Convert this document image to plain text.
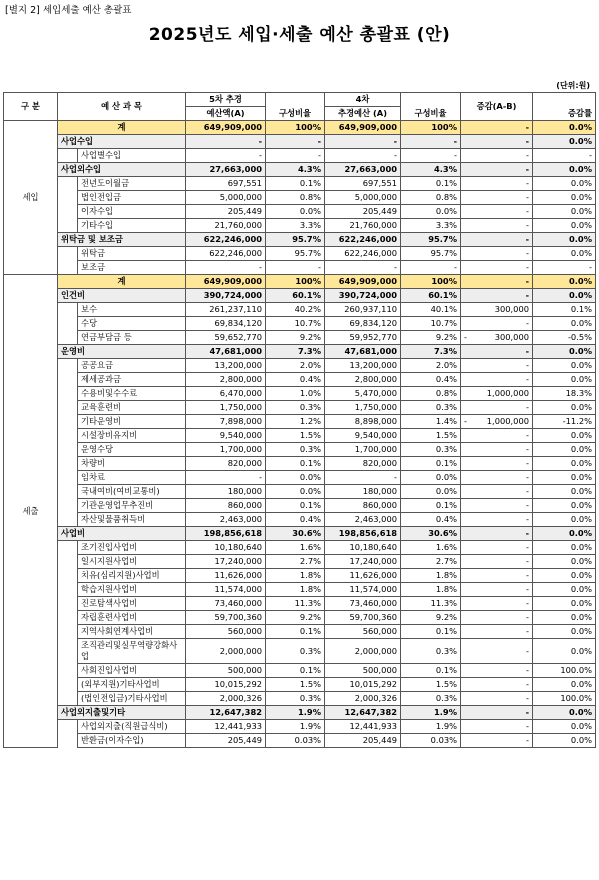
[별지 2] 세입세출 예산 총괄표
2025년도 세입·세출 예산 총괄표 (안)
(단위:원)
구 분	예 산 과 목		5차 추경	구성비율	4차	구성비율	증감(A-B)	증감률
			예산액(A)		추경예산 (A)			
세입	계		649,909,000	100%	649,909,000	100%	-	0.0%
	사업수입		-	-	-	-	-	0.0%
		사업별수입	-	-	-	-	-	-
	사업외수입		27,663,000	4.3%	27,663,000	4.3%	-	0.0%
		전년도이월금	697,551	0.1%	697,551	0.1%	-	0.0%
		법인전입금	5,000,000	0.8%	5,000,000	0.8%	-	0.0%
		이자수입	205,449	0.0%	205,449	0.0%	-	0.0%
		기타수입	21,760,000	3.3%	21,760,000	3.3%	-	0.0%
	위탁금 및 보조금		622,246,000	95.7%	622,246,000	95.7%	-	0.0%
		위탁금	622,246,000	95.7%	622,246,000	95.7%	-	0.0%
		보조금	-	-	-	-	-	-
세출	계		649,909,000	100%	649,909,000	100%	-	0.0%
	인건비		390,724,000	60.1%	390,724,000	60.1%	-	0.0%
		보수	261,237,110	40.2%	260,937,110	40.1%	300,000	0.1%
		수당	69,834,120	10.7%	69,834,120	10.7%	-	0.0%
		연금부담금 등	59,652,770	9.2%	59,952,770	9.2%	- 300,000	-0.5%
	운영비		47,681,000	7.3%	47,681,000	7.3%	-	0.0%
		공공요금	13,200,000	2.0%	13,200,000	2.0%	-	0.0%
		제세공과금	2,800,000	0.4%	2,800,000	0.4%	-	0.0%
		수용비및수수료	6,470,000	1.0%	5,470,000	0.8%	1,000,000	18.3%
		교육훈련비	1,750,000	0.3%	1,750,000	0.3%	-	0.0%
		기타운영비	7,898,000	1.2%	8,898,000	1.4%	- 1,000,000	-11.2%
		시설장비유지비	9,540,000	1.5%	9,540,000	1.5%	-	0.0%
		운영수당	1,700,000	0.3%	1,700,000	0.3%	-	0.0%
		차량비	820,000	0.1%	820,000	0.1%	-	0.0%
		임차료	-	0.0%	-	0.0%	-	0.0%
		국내여비(여비교통비)	180,000	0.0%	180,000	0.0%	-	0.0%
		기관운영업무추진비	860,000	0.1%	860,000	0.1%	-	0.0%
		자산및물품취득비	2,463,000	0.4%	2,463,000	0.4%	-	0.0%
	사업비		198,856,618	30.6%	198,856,618	30.6%	-	0.0%
		조기진입사업비	10,180,640	1.6%	10,180,640	1.6%	-	0.0%
		일시지원사업비	17,240,000	2.7%	17,240,000	2.7%	-	0.0%
		치유(심리지원)사업비	11,626,000	1.8%	11,626,000	1.8%	-	0.0%
		학습지원사업비	11,574,000	1.8%	11,574,000	1.8%	-	0.0%
		진로탐색사업비	73,460,000	11.3%	73,460,000	11.3%	-	0.0%
		자립훈련사업비	59,700,360	9.2%	59,700,360	9.2%	-	0.0%
		지역사회연계사업비	560,000	0.1%	560,000	0.1%	-	0.0%
		조직관리및실무역량강화사업	2,000,000	0.3%	2,000,000	0.3%	-	0.0%
		사회진입사업비	500,000	0.1%	500,000	0.1%	-	100.0%
		(외부지원)기타사업비	10,015,292	1.5%	10,015,292	1.5%	-	0.0%
		(법인전입금)기타사업비	2,000,326	0.3%	2,000,326	0.3%	-	100.0%
	사업외지출및기타		12,647,382	1.9%	12,647,382	1.9%	-	0.0%
		사업외지출(직원급식비)	12,441,933	1.9%	12,441,933	1.9%	-	0.0%
		반환금(이자수입)	205,449	0.03%	205,449	0.03%	-	0.0%
